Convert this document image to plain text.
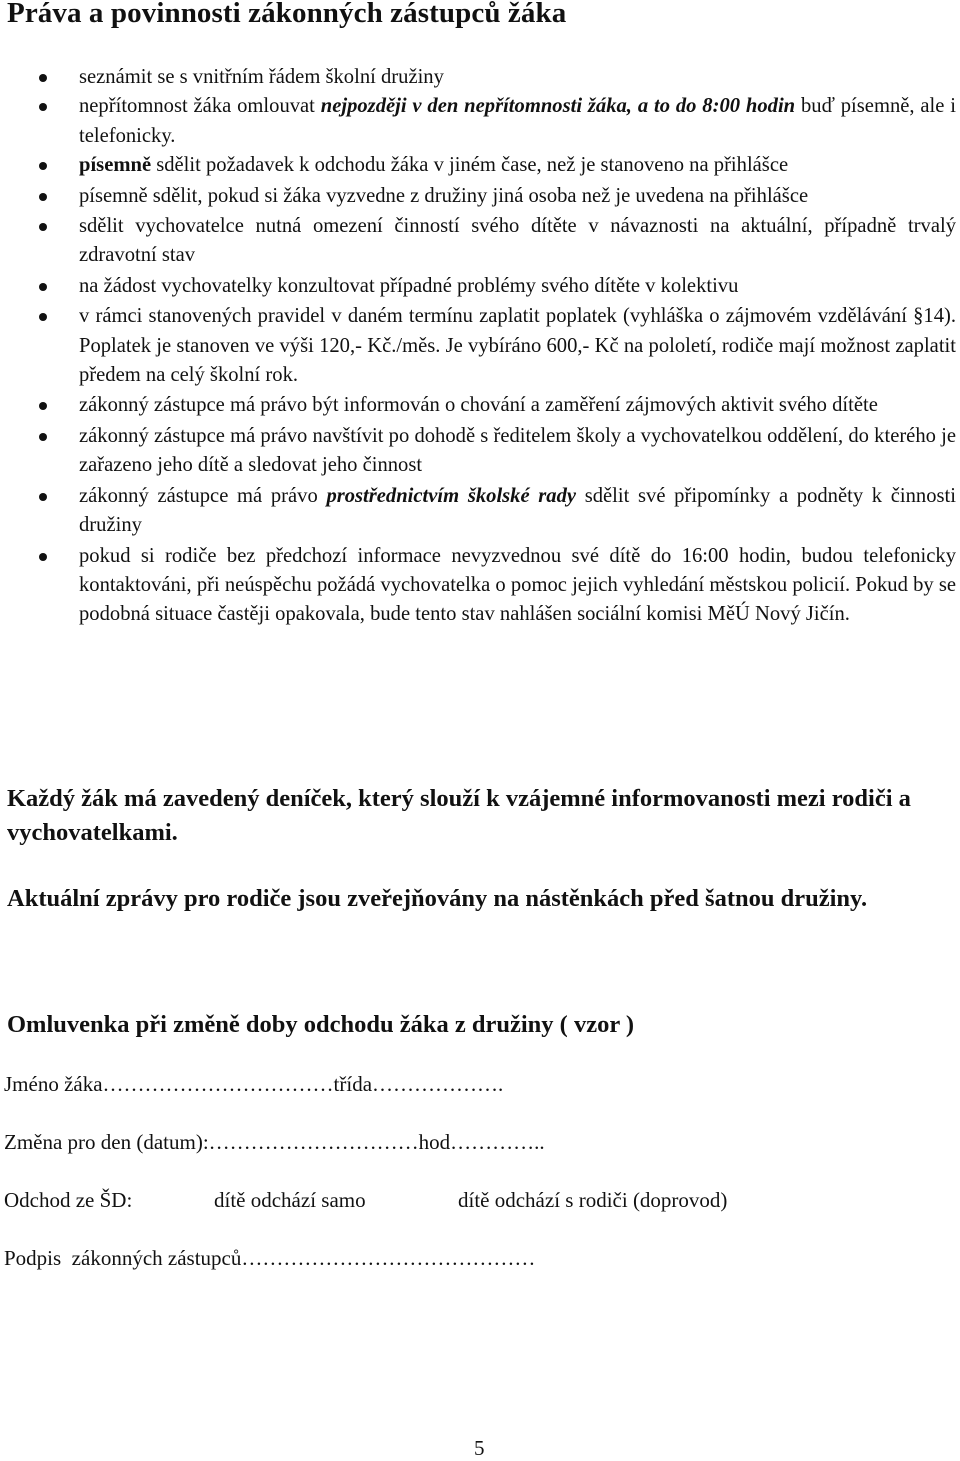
Práva a povinnosti zákonných zástupců žáka
seznámit se s vnitřním řádem školní družiny
nepřítomnost žáka omlouvat nejpozději v den nepřítomnosti žáka, a to do 8:00 hodin buď písemně, ale i telefonicky.
písemně sdělit požadavek k odchodu žáka v jiném čase, než je stanoveno na přihlášce
písemně sdělit, pokud si žáka vyzvedne z družiny jiná osoba než je uvedena na přihlášce
sdělit vychovatelce nutná omezení činností svého dítěte v návaznosti na aktuální, případně trvalý zdravotní stav
na žádost vychovatelky konzultovat případné problémy svého dítěte v kolektivu
v rámci stanovených pravidel v daném termínu zaplatit poplatek (vyhláška o zájmovém vzdělávání §14). Poplatek je stanoven ve výši 120,- Kč./měs. Je vybíráno 600,- Kč na pololetí, rodiče mají možnost zaplatit předem na celý školní rok.
zákonný zástupce má právo být informován o chování a zaměření zájmových aktivit svého dítěte
zákonný zástupce má právo navštívit po dohodě s ředitelem školy a vychovatelkou oddělení, do kterého je zařazeno jeho dítě a sledovat jeho činnost
zákonný zástupce má právo prostřednictvím školské rady sdělit své připomínky a podněty k činnosti družiny
pokud si rodiče bez předchozí informace nevyzvednou své dítě do 16:00 hodin, budou telefonicky kontaktováni, při neúspěchu požádá vychovatelka o pomoc jejich vyhledání městskou policií. Pokud by se podobná situace častěji opakovala, bude tento stav nahlášen sociální komisi MěÚ Nový Jičín.

Každý žák má zavedený deníček, který slouží k vzájemné informovanosti mezi rodiči a vychovatelkami.

Aktuální zprávy pro rodiče jsou zveřejňovány na nástěnkách před šatnou družiny.

Omluvenka při změně doby odchodu žáka z družiny ( vzor )

Jméno žáka……………………………třída……………….
Změna pro den (datum):…………………………hod…………..
Odchod ze ŠD:	dítě odchází samo	dítě odchází s rodiči (doprovod)
Podpis  zákonných zástupců……………………………………
5
